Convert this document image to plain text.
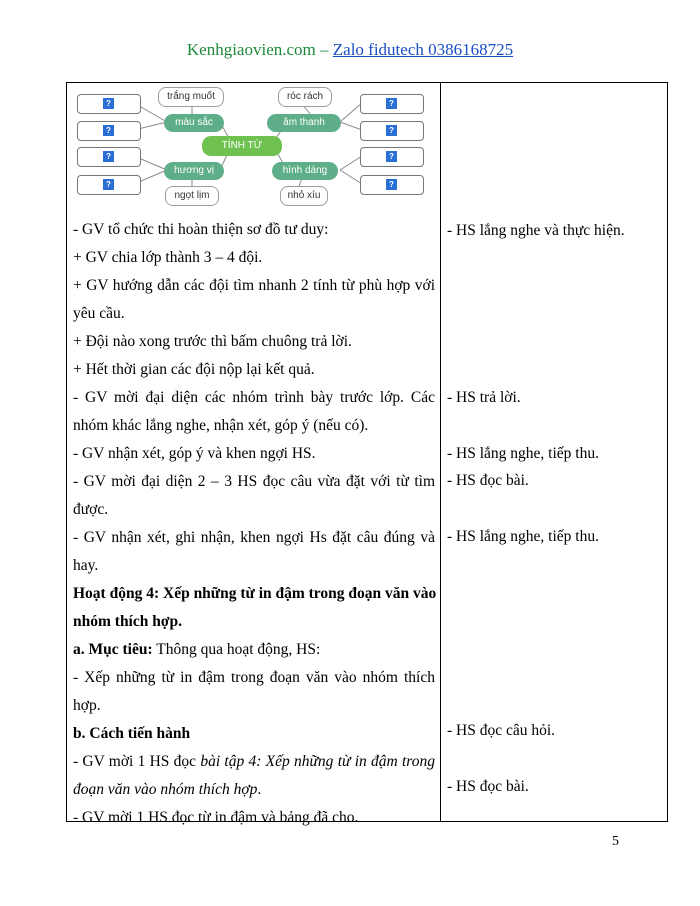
Kenhgiaovien.com – Zalo fidutech 0386168725
?
?
?
?
?
?
?
?
trắng muốt	róc rách
ngọt lịm	nhỏ xíu
màu sắc	âm thanh
hương vị	hình dáng
TÍNH TỪ
- GV tổ chức thi hoàn thiện sơ đồ tư duy:
+ GV chia lớp thành 3 – 4 đội.
+ GV hướng dẫn các đội tìm nhanh 2 tính từ phù hợp với
yêu cầu.
+ Đội nào xong trước thì bấm chuông trả lời.
+ Hết thời gian các đội nộp lại kết quả.
- GV mời đại diện các nhóm trình bày trước lớp. Các
nhóm khác lắng nghe, nhận xét, góp ý (nếu có).
- GV nhận xét, góp ý và khen ngợi HS.
- GV mời đại diện 2 – 3 HS đọc câu vừa đặt với từ tìm
được.
- GV nhận xét, ghi nhận, khen ngợi Hs đặt câu đúng và
hay.
Hoạt động 4: Xếp những từ in đậm trong đoạn văn vào
nhóm thích hợp.
a. Mục tiêu: Thông qua hoạt động, HS:
- Xếp những từ in đậm trong đoạn văn vào nhóm thích
hợp.
b. Cách tiến hành
- GV mời 1 HS đọc bài tập 4: Xếp những từ in đậm trong
đoạn văn vào nhóm thích hợp.
- GV mời 1 HS đọc từ in đậm và bảng đã cho.
- HS lắng nghe và thực hiện.
- HS trả lời.
- HS lắng nghe, tiếp thu.
- HS đọc bài.
- HS lắng nghe, tiếp thu.
- HS đọc câu hỏi.
- HS đọc bài.
5
